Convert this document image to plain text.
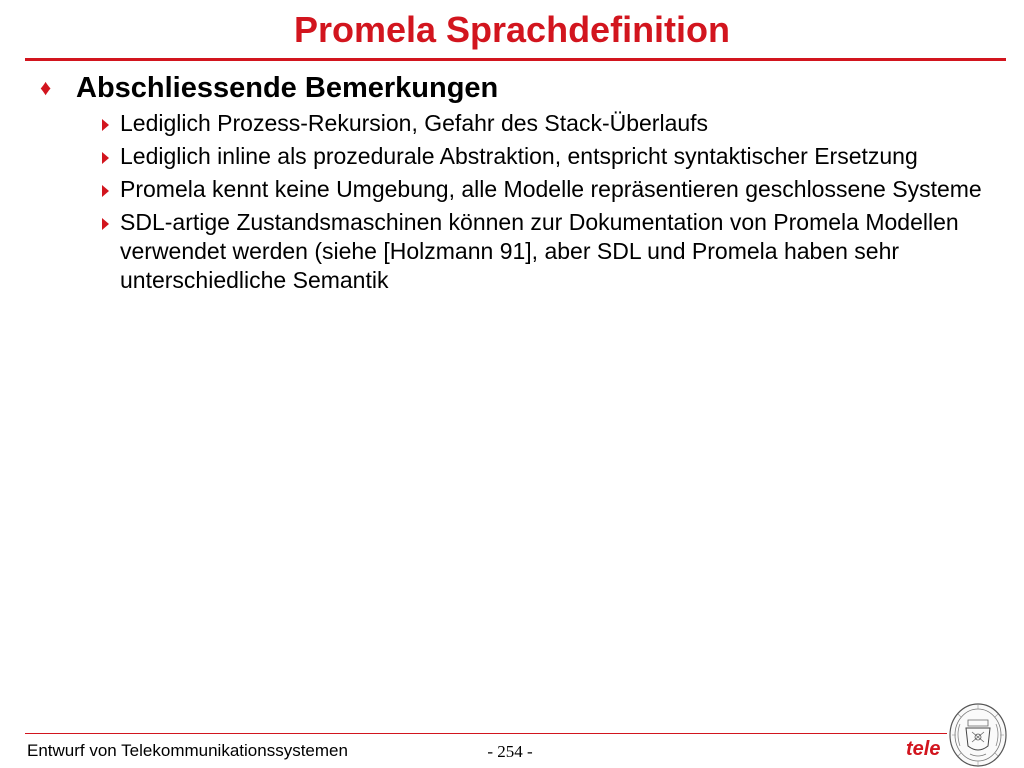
Promela Sprachdefinition
♦ Abschliessende Bemerkungen
Lediglich Prozess-Rekursion, Gefahr des Stack-Überlaufs
Lediglich inline als prozedurale Abstraktion, entspricht syntaktischer Ersetzung
Promela kennt keine Umgebung, alle Modelle repräsentieren geschlossene Systeme
SDL-artige Zustandsmaschinen können zur Dokumentation von Promela Modellen verwendet werden (siehe [Holzmann 91], aber SDL und Promela haben sehr unterschiedliche Semantik
Entwurf von Telekommunikationssystemen	- 254 -	tele
